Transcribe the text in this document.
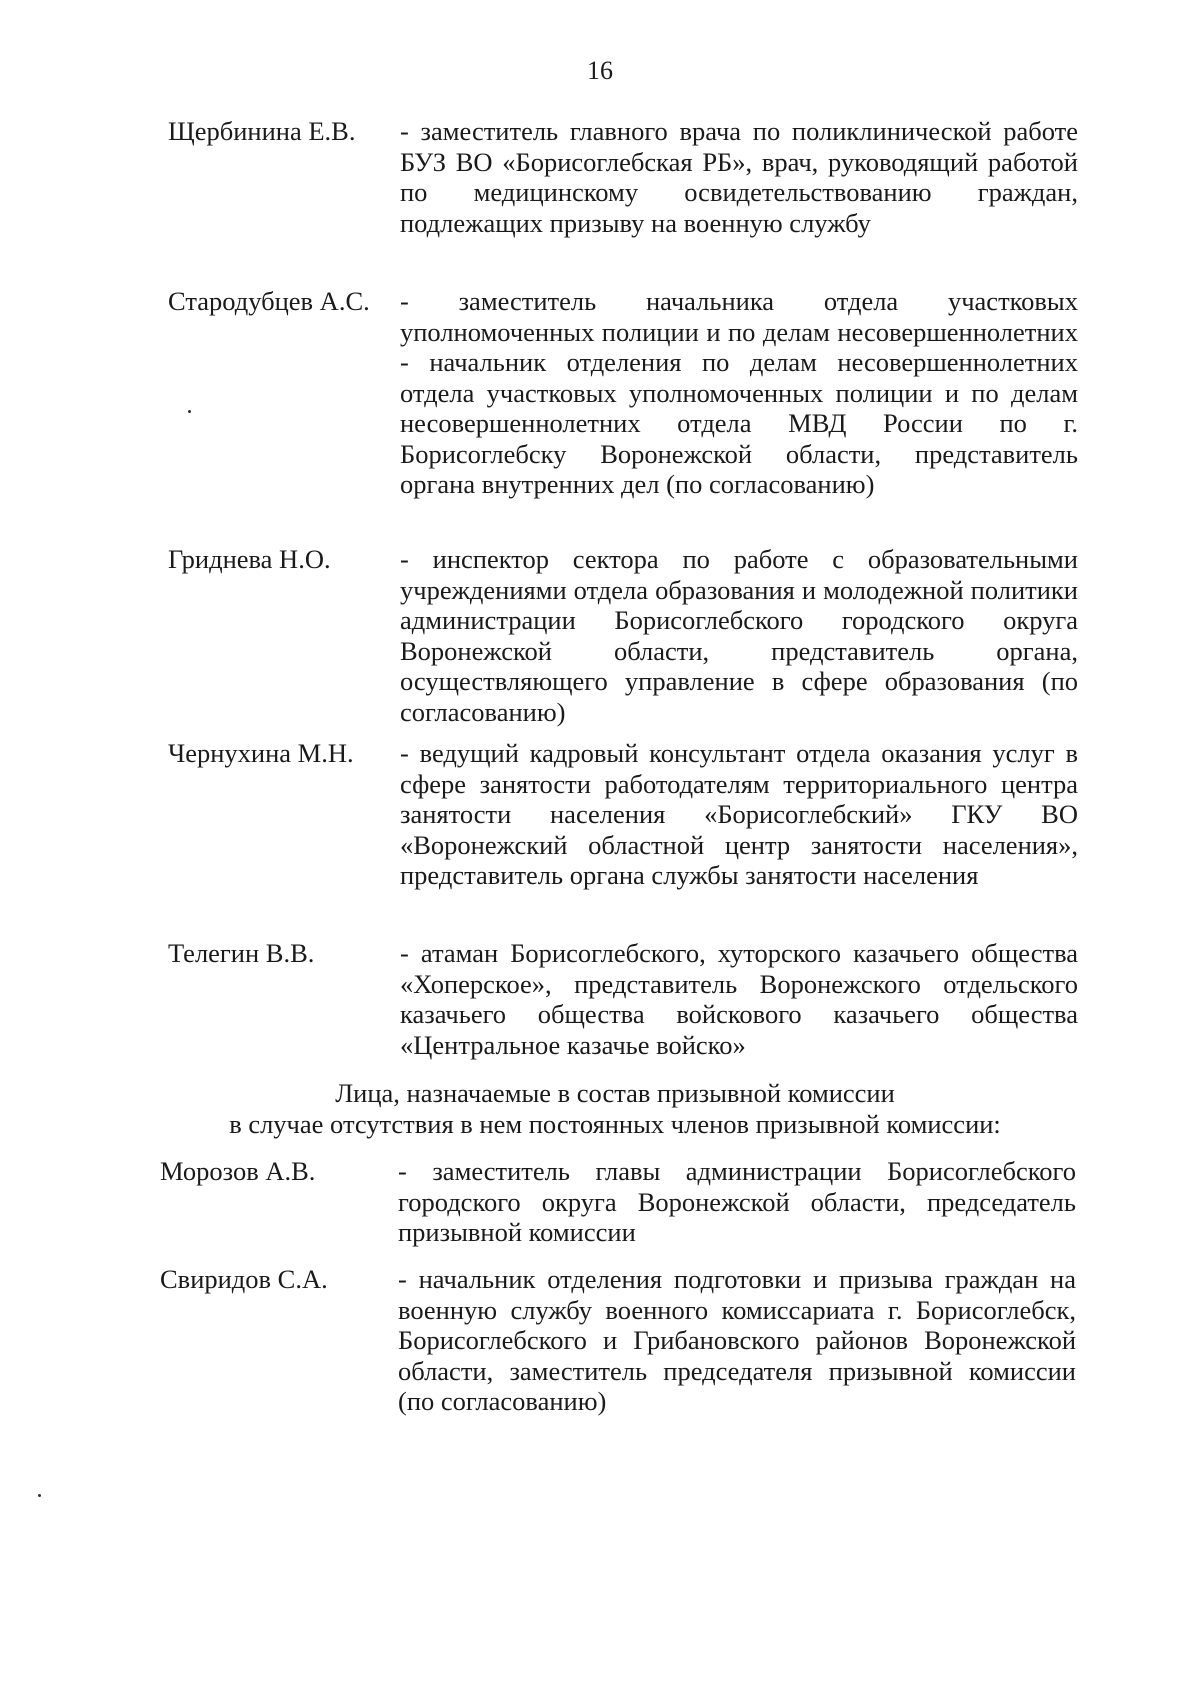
16
Щербинина Е.В. - заместитель главного врача по поликлинической работе БУЗ ВО «Борисоглебская РБ», врач, руководящий работой по медицинскому освидетельствованию граждан, подлежащих призыву на военную службу
Стародубцев А.С. - заместитель начальника отдела участковых уполномоченных полиции и по делам несовершеннолетних - начальник отделения по делам несовершеннолетних отдела участковых уполномоченных полиции и по делам несовершеннолетних отдела МВД России по г. Борисоглебску Воронежской области, представитель органа внутренних дел (по согласованию)
Гриднева Н.О.	- инспектор сектора по работе с образовательными учреждениями отдела образования и молодежной политики администрации Борисоглебского городского округа Воронежской области, представитель органа, осуществляющего управление в сфере образования (по согласованию)
Чернухина М.Н. - ведущий кадровый консультант отдела оказания услуг в сфере занятости работодателям территориального центра занятости населения «Борисоглебский» ГКУ ВО «Воронежский областной центр занятости населения», представитель органа службы занятости населения
Телегин В.В.	- атаман Борисоглебского, хуторского казачьего общества «Хоперское», представитель Воронежского отдельского казачьего общества войскового казачьего общества «Центральное казачье войско»
Лица, назначаемые в состав призывной комиссии
в случае отсутствия в нем постоянных членов призывной комиссии:
Морозов А.В.	- заместитель главы администрации Борисоглебского городского округа Воронежской области, председатель призывной комиссии
Свиридов С.А.	- начальник отделения подготовки и призыва граждан на военную службу военного комиссариата г. Борисоглебск, Борисоглебского и Грибановского районов Воронежской области, заместитель председателя призывной комиссии (по согласованию)
